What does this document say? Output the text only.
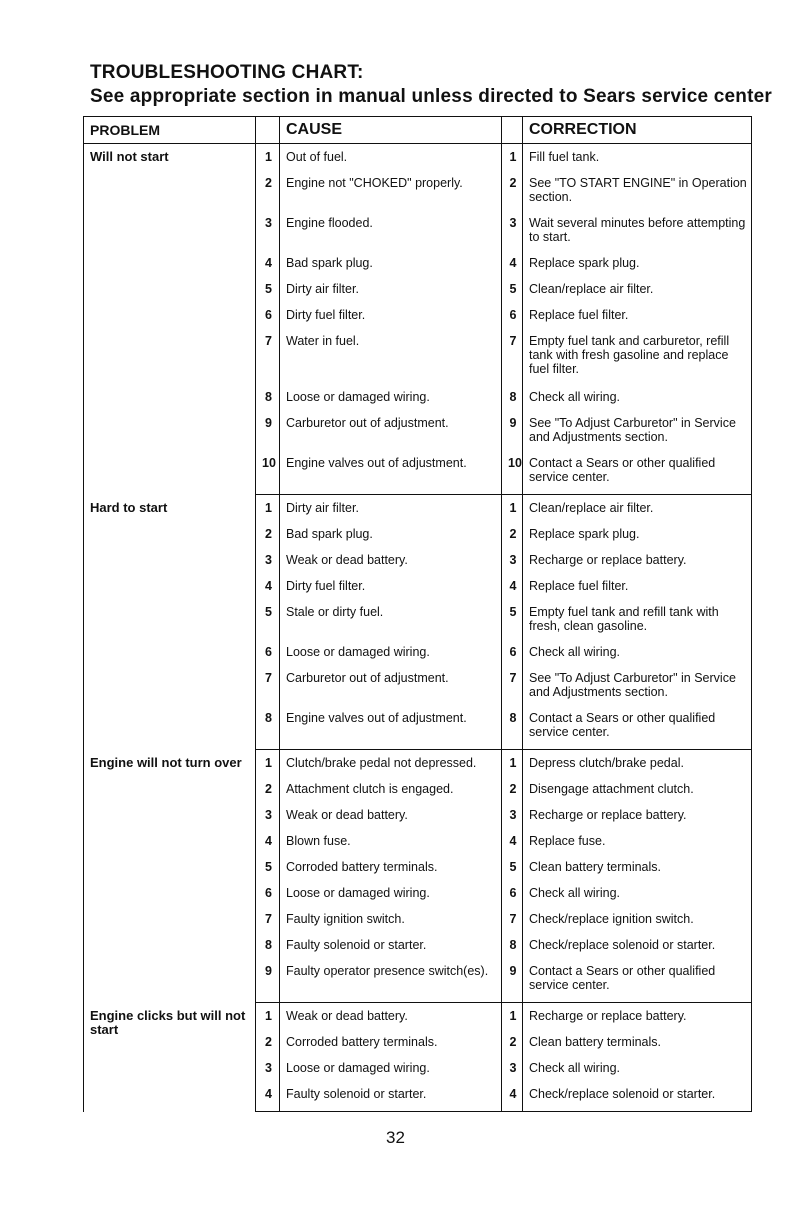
TROUBLESHOOTING CHART:
See appropriate section in manual unless directed to Sears service center
PROBLEM		CAUSE		CORRECTION
Will not start	1	Out of fuel.	1	Fill fuel tank.
	2	Engine not "CHOKED" properly.	2	See "TO START ENGINE" in Operation section.
	3	Engine flooded.	3	Wait several minutes before attempting to start.
	4	Bad spark plug.	4	Replace spark plug.
	5	Dirty air filter.	5	Clean/replace air filter.
	6	Dirty fuel filter.	6	Replace fuel filter.
	7	Water in fuel.	7	Empty fuel tank and carburetor, refill tank with fresh gasoline and replace fuel filter.
	8	Loose or damaged wiring.	8	Check all wiring.
	9	Carburetor out of adjustment.	9	See "To Adjust Carburetor" in Service and Adjustments section.
	10	Engine valves out of adjustment.	10	Contact a Sears or other qualified service center.
Hard to start	1	Dirty air filter.	1	Clean/replace air filter.
	2	Bad spark plug.	2	Replace spark plug.
	3	Weak or dead battery.	3	Recharge or replace battery.
	4	Dirty fuel filter.	4	Replace fuel filter.
	5	Stale or dirty fuel.	5	Empty fuel tank and refill tank with fresh, clean gasoline.
	6	Loose or damaged wiring.	6	Check all wiring.
	7	Carburetor out of adjustment.	7	See "To Adjust Carburetor" in Service and Adjustments section.
	8	Engine valves out of adjustment.	8	Contact a Sears or other qualified service center.
Engine will not turn over	1	Clutch/brake pedal not depressed.	1	Depress clutch/brake pedal.
	2	Attachment clutch is engaged.	2	Disengage attachment clutch.
	3	Weak or dead battery.	3	Recharge or replace battery.
	4	Blown fuse.	4	Replace fuse.
	5	Corroded battery terminals.	5	Clean battery terminals.
	6	Loose or damaged wiring.	6	Check all wiring.
	7	Faulty ignition switch.	7	Check/replace ignition switch.
	8	Faulty solenoid or starter.	8	Check/replace solenoid or starter.
	9	Faulty operator presence switch(es).	9	Contact a Sears or other qualified service center.
Engine clicks but will not start	1	Weak or dead battery.	1	Recharge or replace battery.
	2	Corroded battery terminals.	2	Clean battery terminals.
	3	Loose or damaged wiring.	3	Check all wiring.
	4	Faulty solenoid or starter.	4	Check/replace solenoid or starter.

32
